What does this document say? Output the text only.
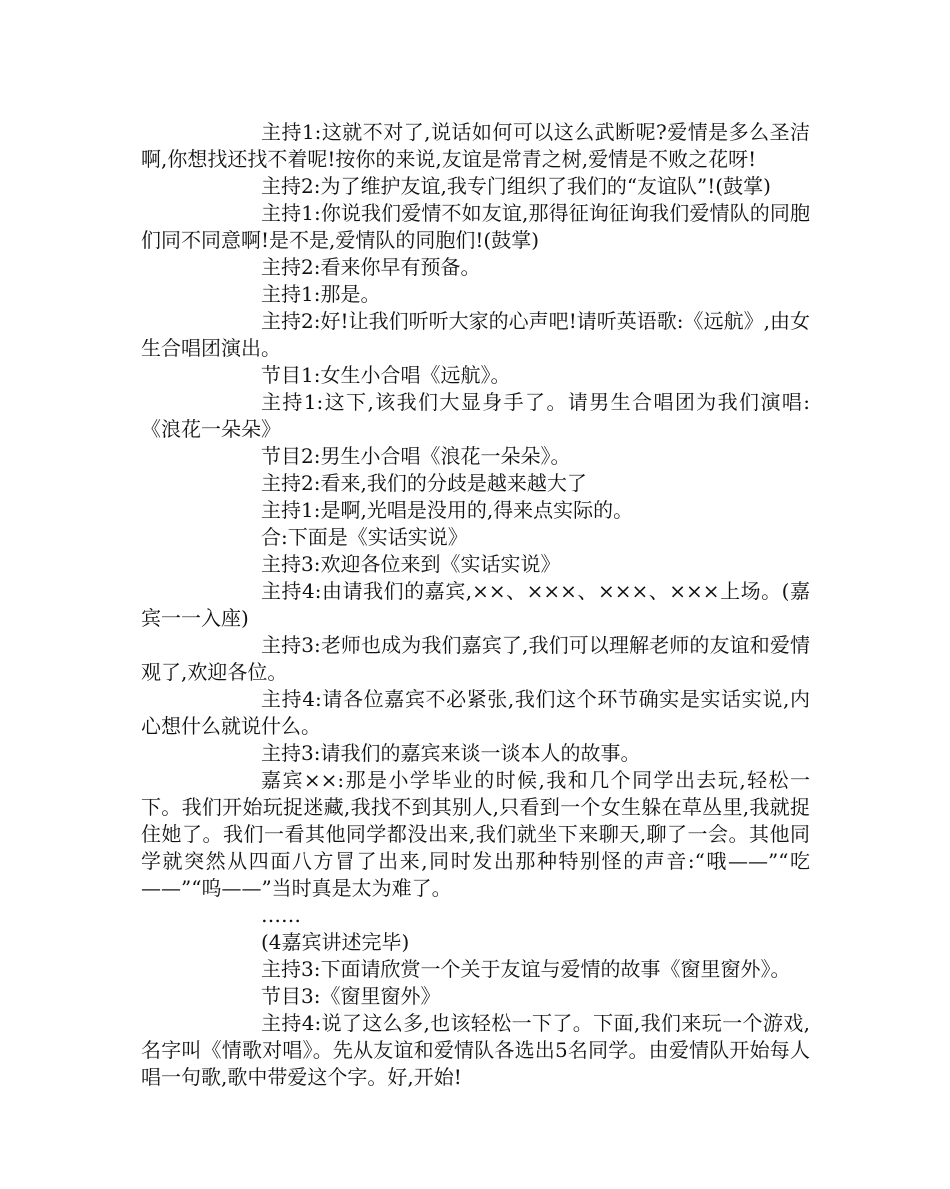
主持1:这就不对了,说话如何可以这么武断呢?爱情是多么圣洁啊,你想找还找不着呢!按你的来说,友谊是常青之树,爱情是不败之花呀!

主持2:为了维护友谊,我专门组织了我们的“友谊队”!(鼓掌)

主持1:你说我们爱情不如友谊,那得征询征询我们爱情队的同胞们同不同意啊!是不是,爱情队的同胞们!(鼓掌)

主持2:看来你早有预备。

主持1:那是。

主持2:好!让我们听听大家的心声吧!请听英语歌:《远航》,由女生合唱团演出。

节目1:女生小合唱《远航》。

主持1:这下,该我们大显身手了。请男生合唱团为我们演唱:《浪花一朵朵》

节目2:男生小合唱《浪花一朵朵》。

主持2:看来,我们的分歧是越来越大了

主持1:是啊,光唱是没用的,得来点实际的。

合:下面是《实话实说》

主持3:欢迎各位来到《实话实说》

主持4:由请我们的嘉宾,××、×××、×××、×××上场。(嘉宾一一入座)

主持3:老师也成为我们嘉宾了,我们可以理解老师的友谊和爱情观了,欢迎各位。

主持4:请各位嘉宾不必紧张,我们这个环节确实是实话实说,内心想什么就说什么。

主持3:请我们的嘉宾来谈一谈本人的故事。

嘉宾××:那是小学毕业的时候,我和几个同学出去玩,轻松一下。我们开始玩捉迷藏,我找不到其别人,只看到一个女生躲在草丛里,我就捉住她了。我们一看其他同学都没出来,我们就坐下来聊天,聊了一会。其他同学就突然从四面八方冒了出来,同时发出那种特别怪的声音:“哦——”“吃——”“呜——”当时真是太为难了。

……

(4嘉宾讲述完毕)

主持3:下面请欣赏一个关于友谊与爱情的故事《窗里窗外》。

节目3:《窗里窗外》

主持4:说了这么多,也该轻松一下了。下面,我们来玩一个游戏,名字叫《情歌对唱》。先从友谊和爱情队各选出5名同学。由爱情队开始每人唱一句歌,歌中带爱这个字。好,开始!
